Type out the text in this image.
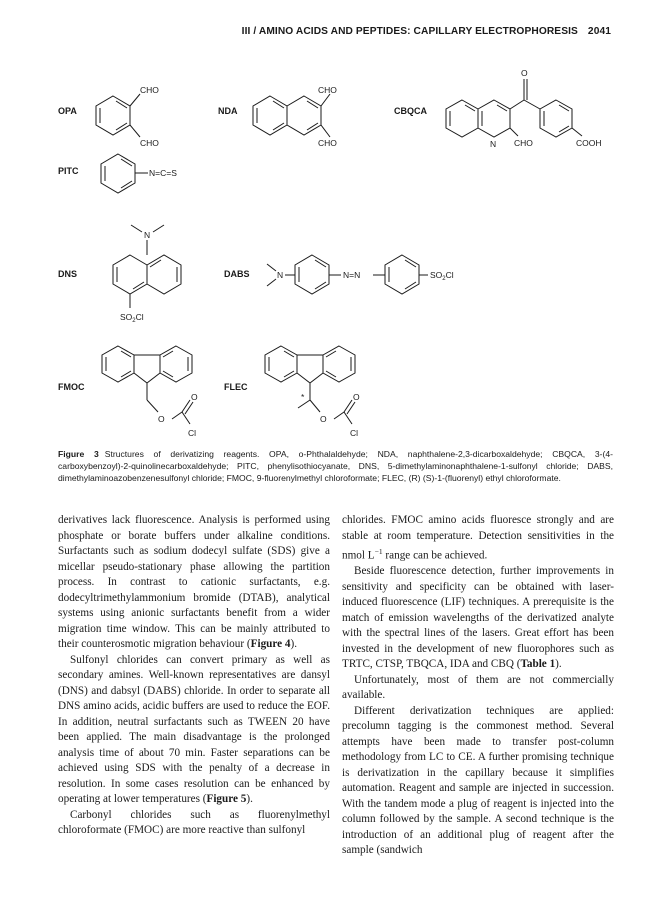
III / AMINO ACIDS AND PEPTIDES: CAPILLARY ELECTROPHORESIS 2041
OPA
CHO
CHO
NDA
CHO
CHO
CBQCA
O
N CHO	COOH
PITC	N=C=S
DNS
N
$SO_2Cl$
DABS	N	N=N	$SO_2Cl$
FMOC
O
O
Cl
FLEC
*
O
O
Cl
Figure 3 Structures of derivatizing reagents. OPA, o-Phthalaldehyde; NDA, naphthalene-2,3-dicarboxaldehyde; CBQCA, 3-(4-carboxybenzoyl)-2-quinolinecarboxaldehyde; PITC, phenylisothiocyanate, DNS, 5-dimethylaminonaphthalene-1-sulfonyl chloride; DABS, dimethylaminoazobenzenesulfonyl chloride; FMOC, 9-fluorenylmethyl chloroformate; FLEC, (R) (S)-1-(fluorenyl) ethyl chloroformate.

derivatives lack fluorescence. Analysis is performed using phosphate or borate buffers under alkaline conditions. Surfactants such as sodium dodecyl sulfate (SDS) give a micellar pseudo-stationary phase allowing the partition process. In contrast to cationic surfactants, e.g. dodecyltrimethylammonium bromide (DTAB), analytical systems using anionic surfactants benefit from a wider migration time window. This can be mainly attributed to their counterosmotic migration behaviour (Figure 4).

Sulfonyl chlorides can convert primary as well as secondary amines. Well-known representatives are dansyl (DNS) and dabsyl (DABS) chloride. In order to separate all DNS amino acids, acidic buffers are used to reduce the EOF. In addition, neutral surfactants such as TWEEN 20 have been applied. The main disadvantage is the prolonged analysis time of about 70 min. Faster separations can be achieved using SDS with the penalty of a decrease in resolution. In some cases resolution can be enhanced by operating at lower temperatures (Figure 5).

Carbonyl chlorides such as fluorenylmethyl chloroformate (FMOC) are more reactive than sulfonyl

chlorides. FMOC amino acids fluoresce strongly and are stable at room temperature. Detection sensitivities in the nmol $L^{-1}$ range can be achieved.

Beside fluorescence detection, further improvements in sensitivity and specificity can be obtained with laser-induced fluorescence (LIF) techniques. A prerequisite is the match of emission wavelengths of the derivatized analyte with the spectral lines of the lasers. Great effort has been invested in the development of new fluorophores such as TRTC, CTSP, TBQCA, IDA and CBQ (Table 1).

Unfortunately, most of them are not commercially available.

Different derivatization techniques are applied: precolumn tagging is the commonest method. Several attempts have been made to transfer post-column methodology from LC to CE. A further promising technique is derivatization in the capillary because it simplifies automation. Reagent and sample are injected in succession. With the tandem mode a plug of reagent is injected into the column followed by the sample. A second technique is the introduction of an additional plug of reagent after the sample (sandwich
